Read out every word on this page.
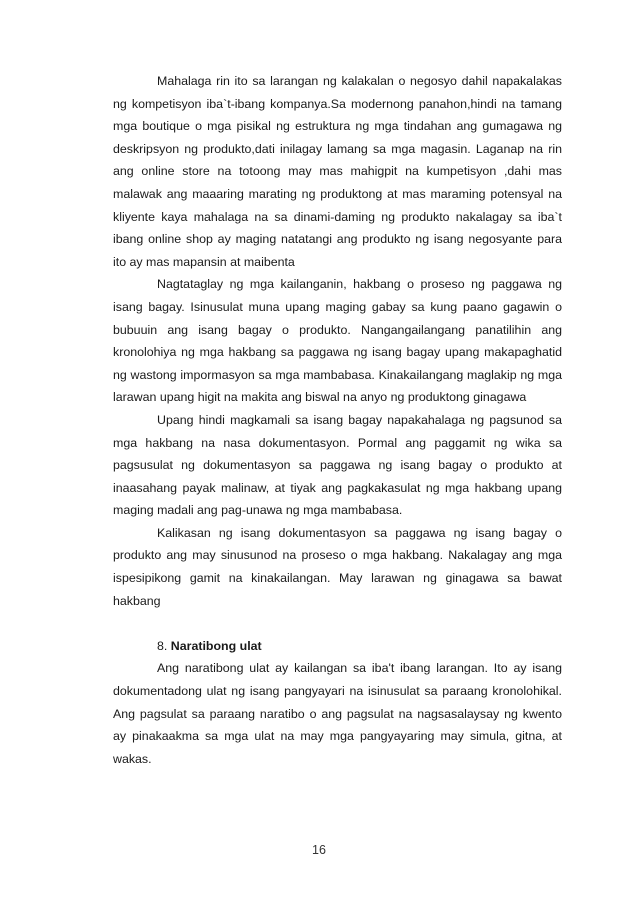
Mahalaga rin ito sa larangan ng kalakalan o negosyo dahil napakalakas ng kompetisyon iba`t-ibang kompanya.Sa modernong panahon,hindi na tamang mga boutique o mga pisikal ng estruktura ng mga tindahan ang gumagawa ng deskripsyon ng produkto,dati inilagay lamang sa mga magasin. Laganap na rin ang online store na totoong may mas mahigpit na kumpetisyon ,dahi mas malawak ang maaaring marating ng produktong at mas maraming potensyal na kliyente kaya mahalaga na sa dinami-daming ng produkto nakalagay sa iba`t ibang online shop ay maging natatangi ang produkto ng isang negosyante para ito ay mas mapansin at maibenta

Nagtataglay ng mga kailanganin, hakbang o proseso ng paggawa ng isang bagay. Isinusulat muna upang maging gabay sa kung paano gagawin o bubuuin ang isang bagay o produkto. Nangangailangang panatilihin ang kronolohiya ng mga hakbang sa paggawa ng isang bagay upang makapaghatid ng wastong impormasyon sa mga mambabasa. Kinakailangang maglakip ng mga larawan upang higit na makita ang biswal na anyo ng produktong ginagawa

Upang hindi magkamali sa isang bagay napakahalaga ng pagsunod sa mga hakbang na nasa dokumentasyon. Pormal ang paggamit ng wika sa pagsusulat ng dokumentasyon sa paggawa ng isang bagay o produkto at inaasahang payak malinaw, at tiyak ang pagkakasulat ng mga hakbang upang maging madali ang pag-unawa ng mga mambabasa.

Kalikasan ng isang dokumentasyon sa paggawa ng isang bagay o produkto ang may sinusunod na proseso o mga hakbang. Nakalagay ang mga ispesipikong gamit na kinakailangan. May larawan ng ginagawa sa bawat hakbang

8. Naratibong ulat

Ang naratibong ulat ay kailangan sa iba't ibang larangan. Ito ay isang dokumentadong ulat ng isang pangyayari na isinusulat sa paraang kronolohikal. Ang pagsulat sa paraang naratibo o ang pagsulat na nagsasalaysay ng kwento ay pinakaakma sa mga ulat na may mga pangyayaring may simula, gitna, at wakas.

16
